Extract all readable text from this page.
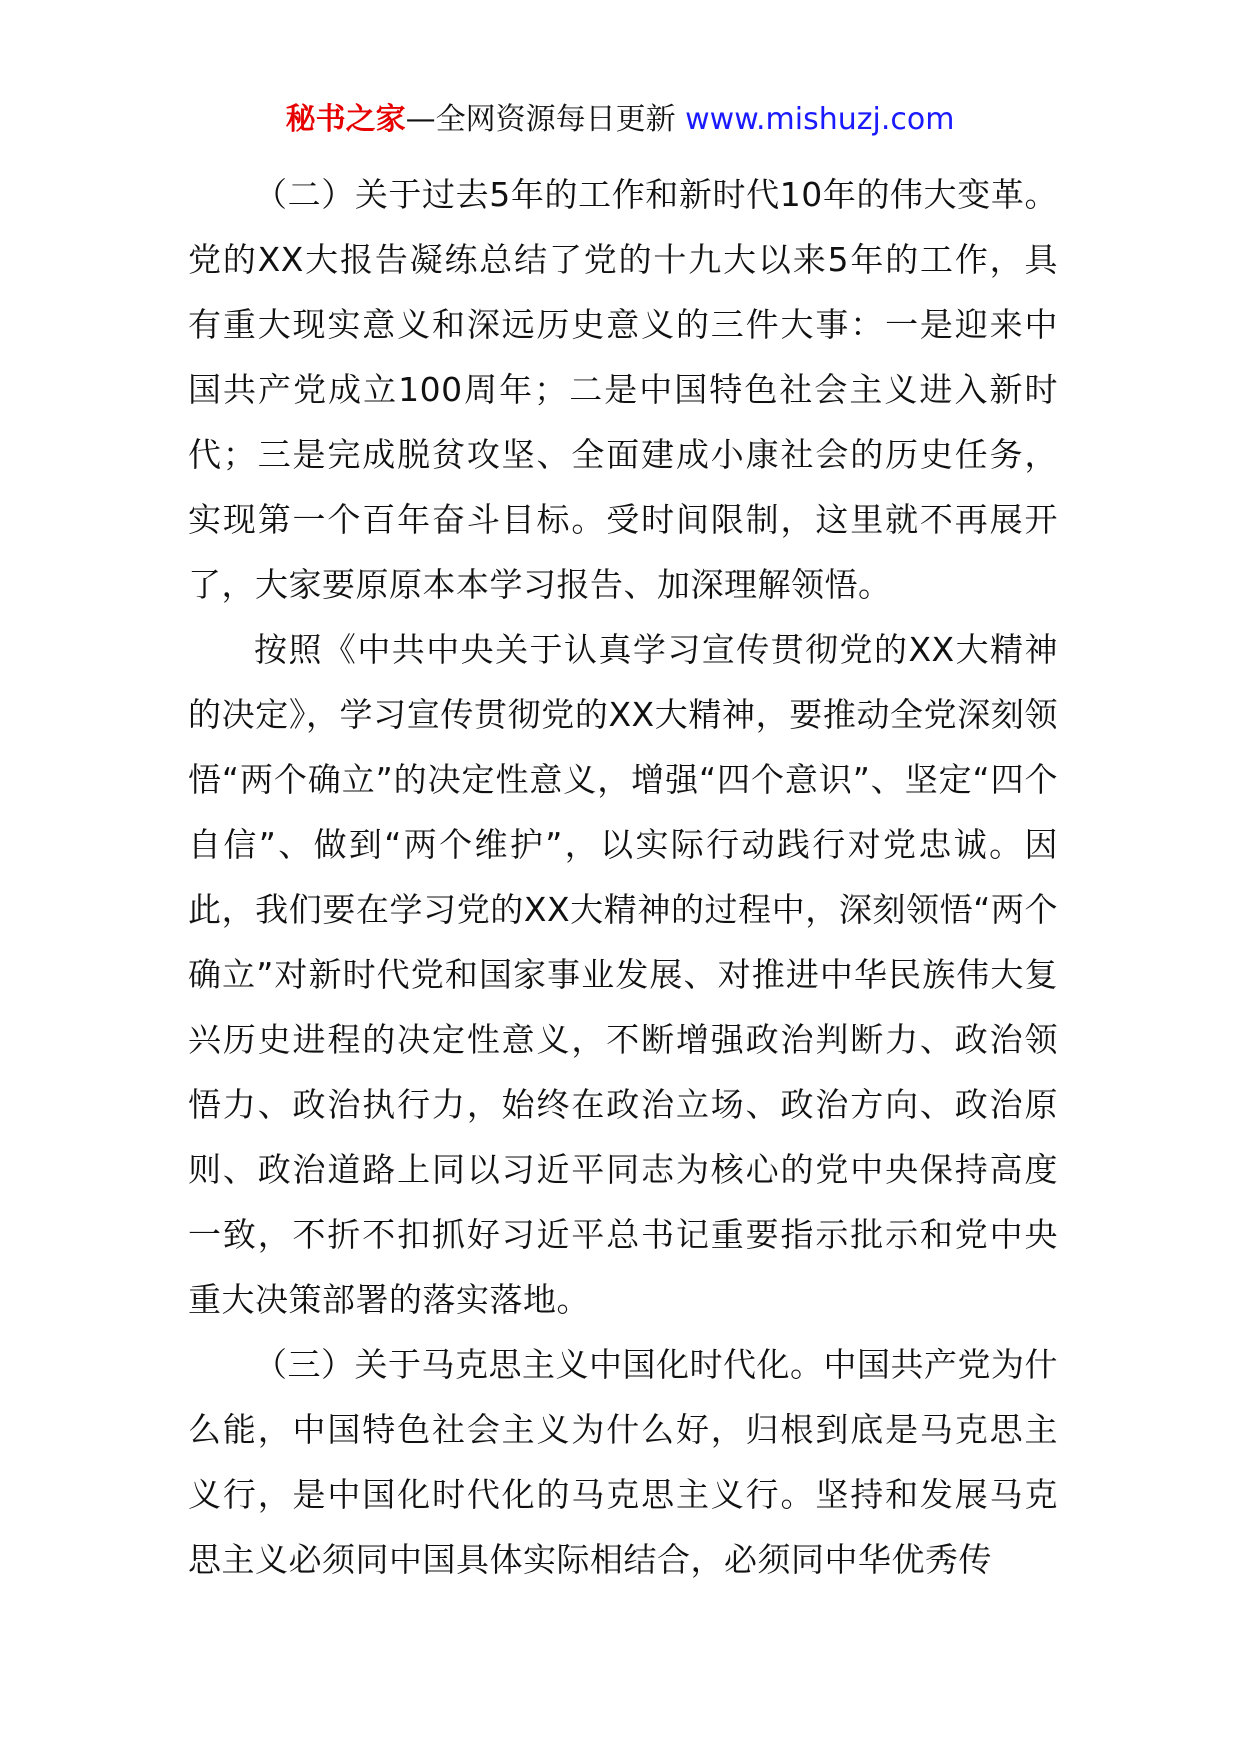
秘书之家—全网资源每日更新 www.mishuzj.com

（二）关于过去5年的工作和新时代10年的伟大变革。党的XX大报告凝练总结了党的十九大以来5年的工作，具有重大现实意义和深远历史意义的三件大事：一是迎来中国共产党成立100周年；二是中国特色社会主义进入新时代；三是完成脱贫攻坚、全面建成小康社会的历史任务，实现第一个百年奋斗目标。受时间限制，这里就不再展开了，大家要原原本本学习报告、加深理解领悟。

按照《中共中央关于认真学习宣传贯彻党的XX大精神的决定》，学习宣传贯彻党的XX大精神，要推动全党深刻领悟“两个确立”的决定性意义，增强“四个意识”、坚定“四个自信”、做到“两个维护”，以实际行动践行对党忠诚。因此，我们要在学习党的XX大精神的过程中，深刻领悟“两个确立”对新时代党和国家事业发展、对推进中华民族伟大复兴历史进程的决定性意义，不断增强政治判断力、政治领悟力、政治执行力，始终在政治立场、政治方向、政治原则、政治道路上同以习近平同志为核心的党中央保持高度一致，不折不扣抓好习近平总书记重要指示批示和党中央重大决策部署的落实落地。

（三）关于马克思主义中国化时代化。中国共产党为什么能，中国特色社会主义为什么好，归根到底是马克思主义行，是中国化时代化的马克思主义行。坚持和发展马克思主义必须同中国具体实际相结合，必须同中华优秀传
